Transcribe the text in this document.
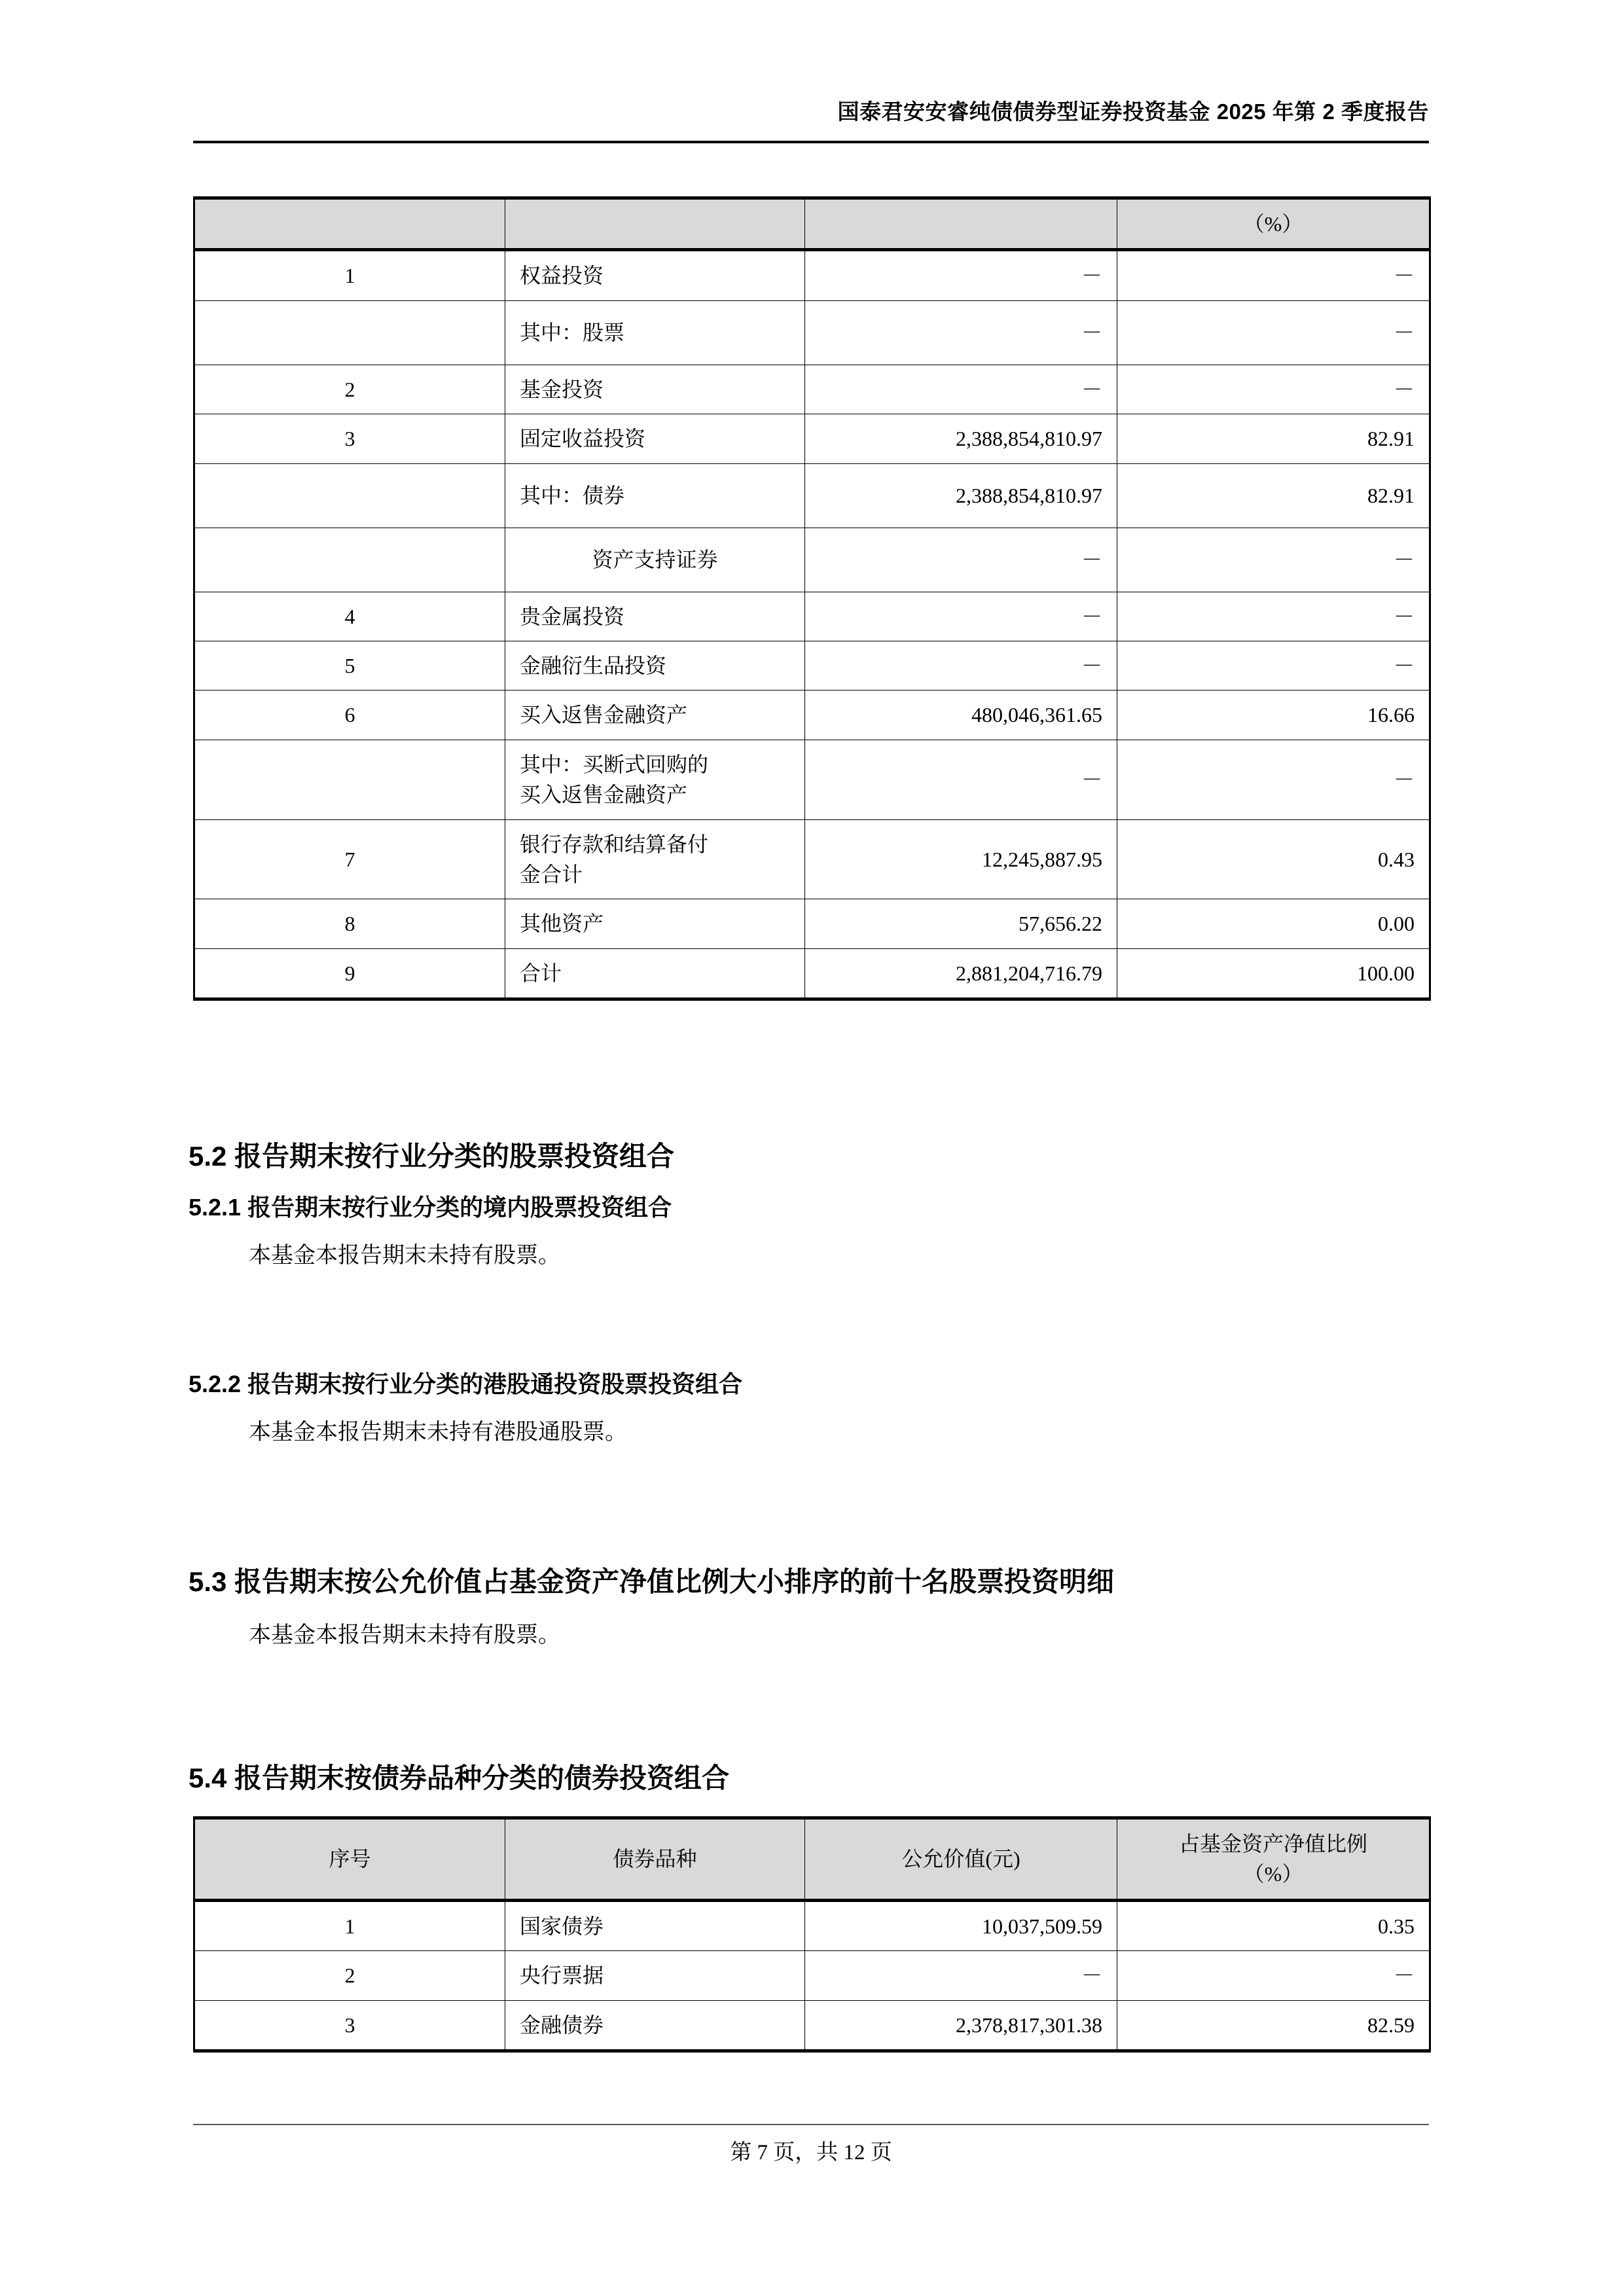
国泰君安安睿纯债债券型证券投资基金 2025 年第 2 季度报告
			（%）
1	权益投资	－	－
	其中：股票	－	－
2	基金投资	－	－
3	固定收益投资	2,388,854,810.97	82.91
	其中：债券	2,388,854,810.97	82.91
	资产支持证券	－	－
4	贵金属投资	－	－
5	金融衍生品投资	－	－
6	买入返售金融资产	480,046,361.65	16.66
	其中：买断式回购的
买入返售金融资产	－	－
7	银行存款和结算备付
金合计	12,245,887.95	0.43
8	其他资产	57,656.22	0.00
9	合计	2,881,204,716.79	100.00
5.2 报告期末按行业分类的股票投资组合
5.2.1 报告期末按行业分类的境内股票投资组合
本基金本报告期末未持有股票。
5.2.2 报告期末按行业分类的港股通投资股票投资组合
本基金本报告期末未持有港股通股票。
5.3 报告期末按公允价值占基金资产净值比例大小排序的前十名股票投资明细
本基金本报告期末未持有股票。
5.4 报告期末按债券品种分类的债券投资组合
序号	债券品种	公允价值(元)	占基金资产净值比例
（%）
1	国家债券	10,037,509.59	0.35
2	央行票据	－	－
3	金融债券	2,378,817,301.38	82.59
第 7 页，共 12 页
